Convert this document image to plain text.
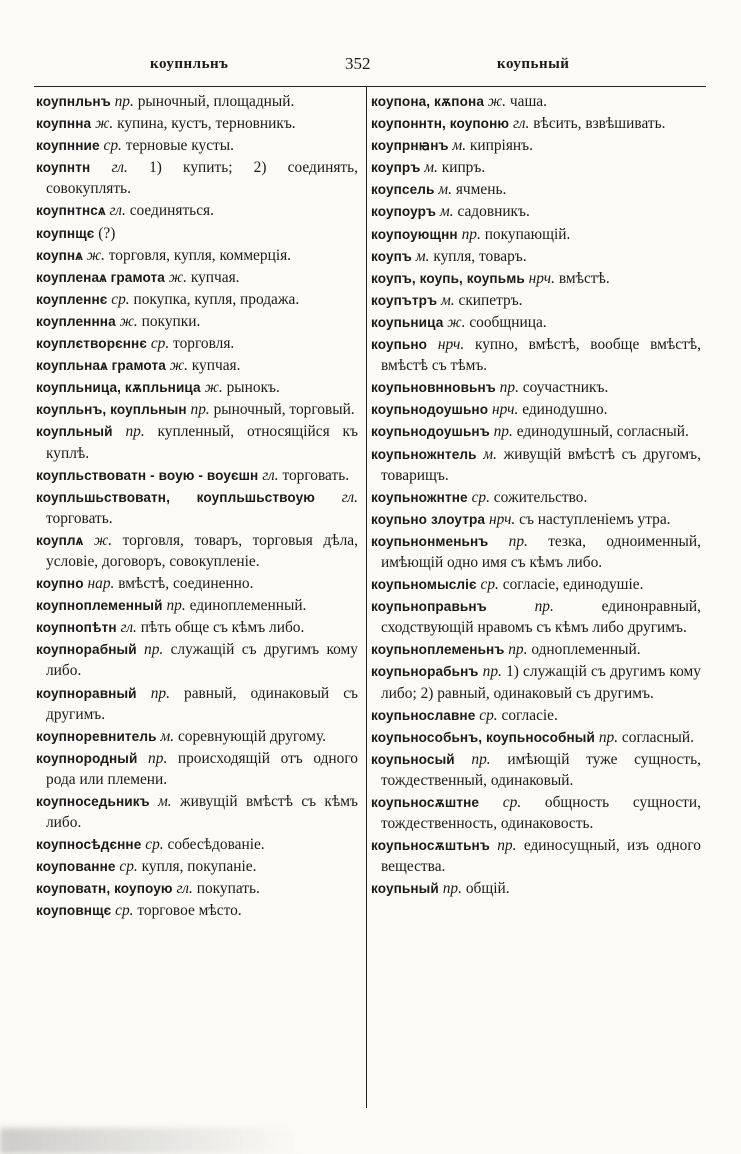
коупнльнъ	352	коупьный
коупнльнъ пр. рыночный, площадный.
коупнна ж. купина, кустъ, терновникъ.
коупнние ср. терновые кусты.
коупнтн гл. 1) купить; 2) соединять, совокуплять.
коупнтнсѧ гл. соединяться.
коупнщє (?)
коупнѧ ж. торговля, купля, коммерція.
коупленаѧ грамота ж. купчая.
коупленнє ср. покупка, купля, продажа.
коупленнна ж. покупки.
коуплєтворєннє ср. торговля.
коупльнаѧ грамота ж. купчая.
коупльница, кѫпльница ж. рынокъ.
коупльнъ, коупльнын пр. рыночный, торговый.
коупльный пр. купленный, относящійся къ куплѣ.
коупльствоватн - воую - воуєшн гл. торговать.
коупльшьствоватн, коупльшьствоую гл. торговать.
коуплѧ ж. торговля, товаръ, торговыя дѣла, условіе, договоръ, совокупленіе.
коупно нар. вмѣстѣ, соединенно.
коупноплеменный пр. единоплеменный.
коупнопѣтн гл. пѣть обще съ кѣмъ либо.
коупнорабный пр. служащій съ другимъ кому либо.
коупноравный пр. равный, одинаковый съ другимъ.
коупноревнитель м. соревнующій другому.
коупнородный пр. происходящій отъ одного рода или племени.
коупноседьникъ м. живущій вмѣстѣ съ кѣмъ либо.
коупносѣдєнне ср. собесѣдованіе.
коупованне ср. купля, покупаніе.
коуповатн, коупоую гл. покупать.
коуповнщє ср. торговое мѣсто.
коупона, кѫпона ж. чаша.
коупоннтн, коупоню гл. вѣсить, взвѣшивать.
коупрнꙗнъ м. кипріянъ.
коупръ м. кипръ.
коупсель м. ячмень.
коупоуръ м. садовникъ.
коупоующнн пр. покупающій.
коупъ м. купля, товаръ.
коупъ, коупь, коупьмь нрч. вмѣстѣ.
коупътръ м. скипетръ.
коупьница ж. сообщница.
коупьно нрч. купно, вмѣстѣ, вообще вмѣстѣ, вмѣстѣ съ тѣмъ.
коупьновнновьнъ пр. соучастникъ.
коупьнодоушьно нрч. единодушно.
коупьнодоушьнъ пр. единодушный, согласный.
коупьножнтель м. живущій вмѣстѣ съ другомъ, товарищъ.
коупьножнтне ср. сожительство.
коупьно злоутра нрч. съ наступленіемъ утра.
коупьнонменьнъ пр. тезка, одноименный, имѣющій одно имя съ кѣмъ либо.
коупьномысліє ср. согласіе, единодушіе.
коупьноправьнъ	пр.	единонравный, сходствующій нравомъ съ кѣмъ либо другимъ.
коупьноплеменьнъ пр. одноплеменный.
коупьнорабьнъ пр. 1) служащій съ другимъ кому либо; 2) равный, одинаковый съ другимъ.
коупьнославне ср. согласіе.
коупьнособьнъ, коупьнособный пр. согласный.
коупьносый пр. имѣющій туже сущность, тождественный, одинаковый.
коупьносѫштне ср. общность сущности, тождественность, одинаковость.
коупьносѫштьнъ пр. единосущный, изъ одного вещества.
коупьный пр. общій.
